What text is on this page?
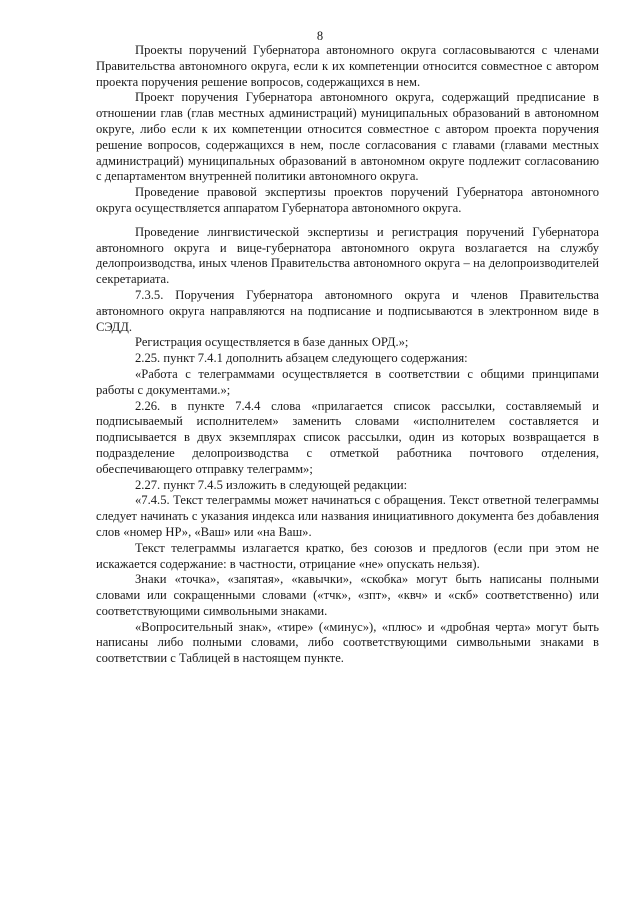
8

Проекты поручений Губернатора автономного округа согласовываются с членами Правительства автономного округа, если к их компетенции относится совместное с автором проекта поручения решение вопросов, содержащихся в нем.

Проект поручения Губернатора автономного округа, содержащий предписание в отношении глав (глав местных администраций) муниципальных образований в автономном округе, либо если к их компетенции относится совместное с автором проекта поручения решение вопросов, содержащихся в нем, после согласования с главами (главами местных администраций) муниципальных образований в автономном округе подлежит согласованию с департаментом внутренней политики автономного округа.

Проведение правовой экспертизы проектов поручений Губернатора автономного округа осуществляется аппаратом Губернатора автономного округа.

Проведение лингвистической экспертизы и регистрация поручений Губернатора автономного округа и вице-губернатора автономного округа возлагается на службу делопроизводства, иных членов Правительства автономного округа – на делопроизводителей секретариата.

7.3.5. Поручения Губернатора автономного округа и членов Правительства автономного округа направляются на подписание и подписываются в электронном виде в СЭДД.

Регистрация осуществляется в базе данных ОРД.»;

2.25. пункт 7.4.1 дополнить абзацем следующего содержания:

«Работа с телеграммами осуществляется в соответствии с общими принципами работы с документами.»;

2.26. в пункте 7.4.4 слова «прилагается список рассылки, составляемый и подписываемый исполнителем» заменить словами «исполнителем составляется и подписывается в двух экземплярах список рассылки, один из которых возвращается в подразделение делопроизводства с отметкой работника почтового отделения, обеспечивающего отправку телеграмм»;

2.27. пункт 7.4.5 изложить в следующей редакции:

«7.4.5. Текст телеграммы может начинаться с обращения. Текст ответной телеграммы следует начинать с указания индекса или названия инициативного документа без добавления слов «номер НР», «Ваш» или «на Ваш».

Текст телеграммы излагается кратко, без союзов и предлогов (если при этом не искажается содержание: в частности, отрицание «не» опускать нельзя).

Знаки «точка», «запятая», «кавычки», «скобка» могут быть написаны полными словами или сокращенными словами («тчк», «зпт», «квч» и «скб» соответственно) или соответствующими символьными знаками.

«Вопросительный знак», «тире» («минус»), «плюс» и «дробная черта» могут быть написаны либо полными словами, либо соответствующими символьными знаками в соответствии с Таблицей в настоящем пункте.
